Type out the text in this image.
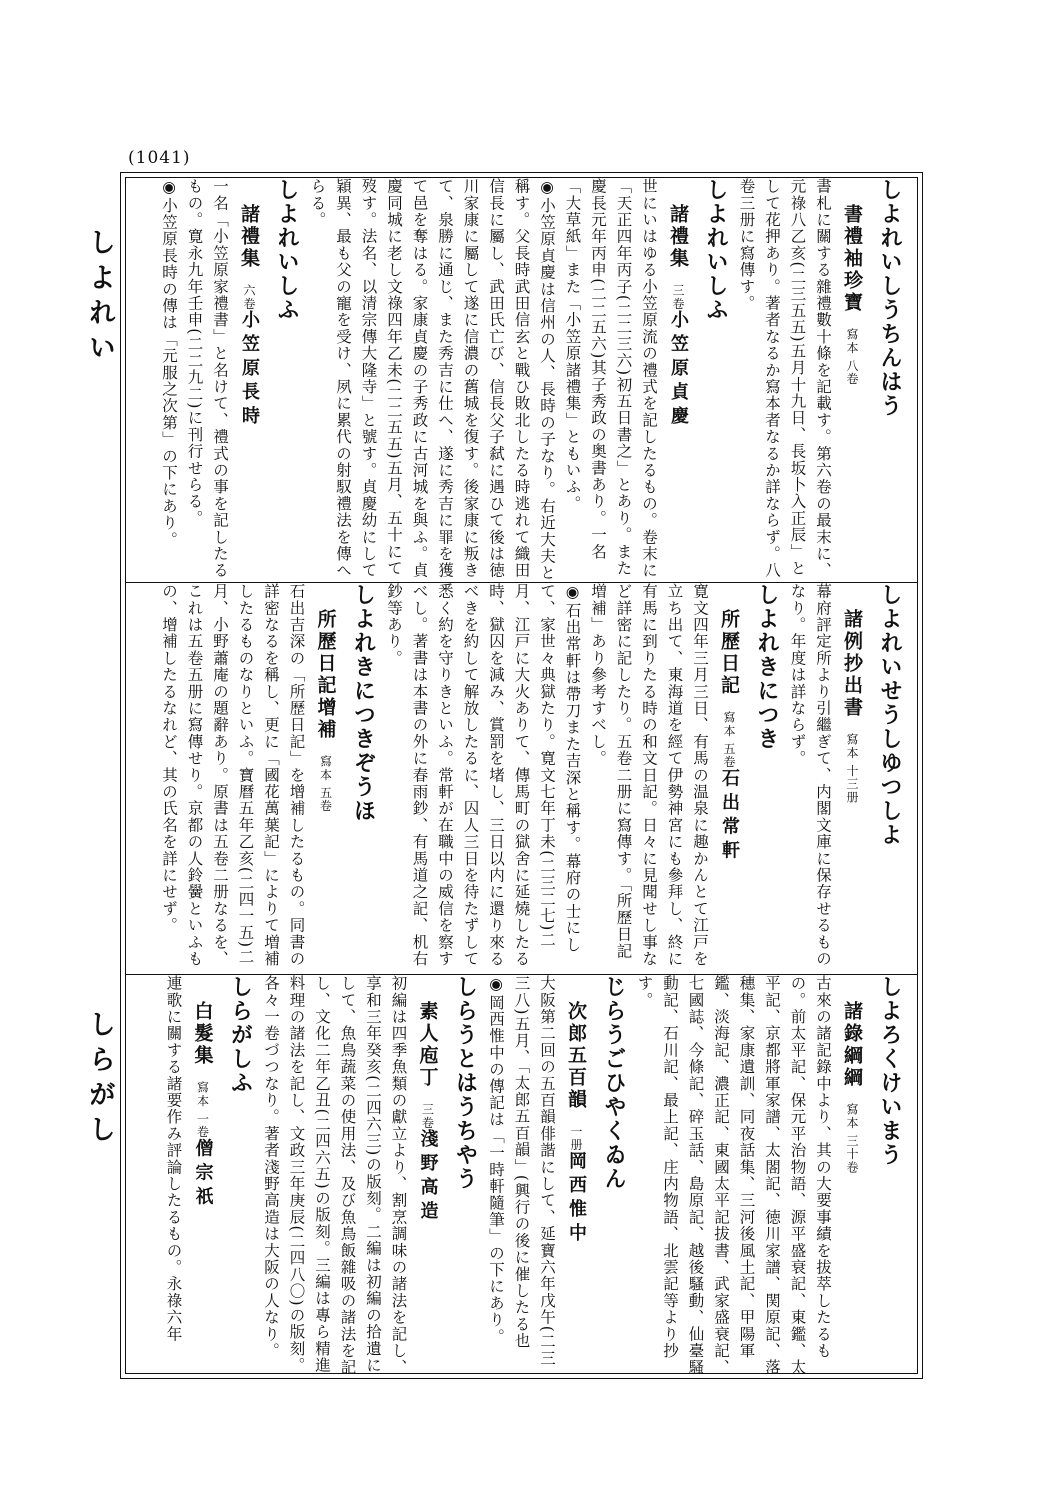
(1041)
しよれい
しらがし
しよれいしうちんはう
書禮袖珍寶寫本 八卷
書札に關する雜禮數十條を記載す。第六卷の最末に、元祿八乙亥(二三五五)五月十九日、長坂卜入正辰」として花押あり。著者なるか寫本者なるか詳ならず。八卷三册に寫傳す。
しよれいしふ
諸禮集三卷小笠原貞慶
世にいはゆる小笠原流の禮式を記したるもの。卷末に「天正四年丙子(二二三六)初五日書之」とあり。また慶長元年丙申(二二五六)其子秀政の奥書あり。一名「大草紙」また「小笠原諸禮集」ともいふ。
◉小笠原貞慶は信州の人、長時の子なり。右近大夫と稱す。父長時武田信玄と戰ひ敗北したる時逃れて織田信長に屬し、武田氏亡び、信長父子弑に遇ひて後は徳川家康に屬して遂に信濃の舊城を復す。後家康に叛きて、泉勝に通じ、また秀吉に仕へ、遂に秀吉に罪を獲て邑を奪はる。家康貞慶の子秀政に古河城を與ふ。貞慶同城に老し文祿四年乙未(二二五五)五月、五十にて歿す。法名、以清宗傳大隆寺」と號す。貞慶幼にして穎異、最も父の寵を受け、夙に累代の射馭禮法を傳へらる。
しよれいしふ
諸禮集六卷小笠原長時
一名「小笠原家禮書」と名けて、禮式の事を記したるもの。寛永九年壬申(二二九二)に刊行せらる。
◉小笠原長時の傳は「元服之次第」の下にあり。
しよれいせうしゆつしよ
諸例抄出書寫本 十三册
幕府評定所より引繼ぎて、内閣文庫に保存せるものなり。年度は詳ならず。
しよれきにつき
所歷日記寫本 五卷石出常軒
寛文四年三月三日、有馬の温泉に趣かんとて江戸を立ち出て、東海道を經て伊勢神宮にも參拜し、終に有馬に到りたる時の和文日記。日々に見聞せし事など詳密に記したり。五卷二册に寫傳す。「所歷日記増補」あり參考すべし。
◉石出常軒は帶刀また吉深と稱す。幕府の士にして、家世々典獄たり。寛文七年丁未(二三二七)二月、江戸に大火ありて、傳馬町の獄舍に延燒したる時、獄囚を減み、賞罰を堵し、三日以内に還り來るべきを約して解放したるに、囚人三日を待たずして悉く約を守りきといふ。常軒が在職中の威信を察すべし。著書は本書の外に春雨鈔、有馬道之記、机右鈔等あり。
しよれきにつきぞうほ
所歷日記增補寫本 五卷
石出吉深の「所歷日記」を增補したるもの。同書の詳密なるを稱し、更に「國花萬葉記」によりて増補したるものなりといふ。寶曆五年乙亥(二四一五)二月、小野蕭庵の題辭あり。原書は五卷二册なるを、これは五卷五册に寫傳せり。京都の人鈴黌といふもの、增補したるなれど、其の氏名を詳にせず。
しよろくけいまう
諸錄綱綱寫本 三十卷
古來の諸記錄中より、其の大要事績を拔萃したるもの。前太平記、保元平治物語、源平盛衰記、東鑑、太平記、京都將軍家譜、太閤記、徳川家譜、関原記、落穗集、家康遺訓、同夜話集、三河後風土記、甲陽軍鑑、淡海記、濃正記、東國太平記拔書、武家盛衰記、七國誌、今條記、碎玉話、島原記、越後騷動、仙臺騷動記、石川記、最上記、庄内物語、北雲記等より抄す。
じらうごひやくゐん
次郎五百韻一册岡西惟中
大阪第二回の五百韻俳諧にして、延寶六年戊午(二三三八)五月、「太郎五百韻」(興行の後に催したる也
◉岡西惟中の傳記は「一時軒隨筆」の下にあり。
しらうとはうちやう
素人庖丁三卷淺野高造
初編は四季魚類の獻立より、割烹調味の諸法を記し、享和三年癸亥(二四六三)の版刻。二編は初編の拾遺にして、魚鳥蔬菜の使用法、及び魚鳥飯雜吸の諸法を記し、文化二年乙丑(二四六五)の版刻。三編は專ら精進料理の諸法を記し、文政三年庚辰(二四八〇)の版刻。各々一卷づつなり。著者淺野高造は大阪の人なり。
しらがしふ
白髮集寫本 一卷僧宗祇
連歌に關する諸要作み評論したるもの。永祿六年
